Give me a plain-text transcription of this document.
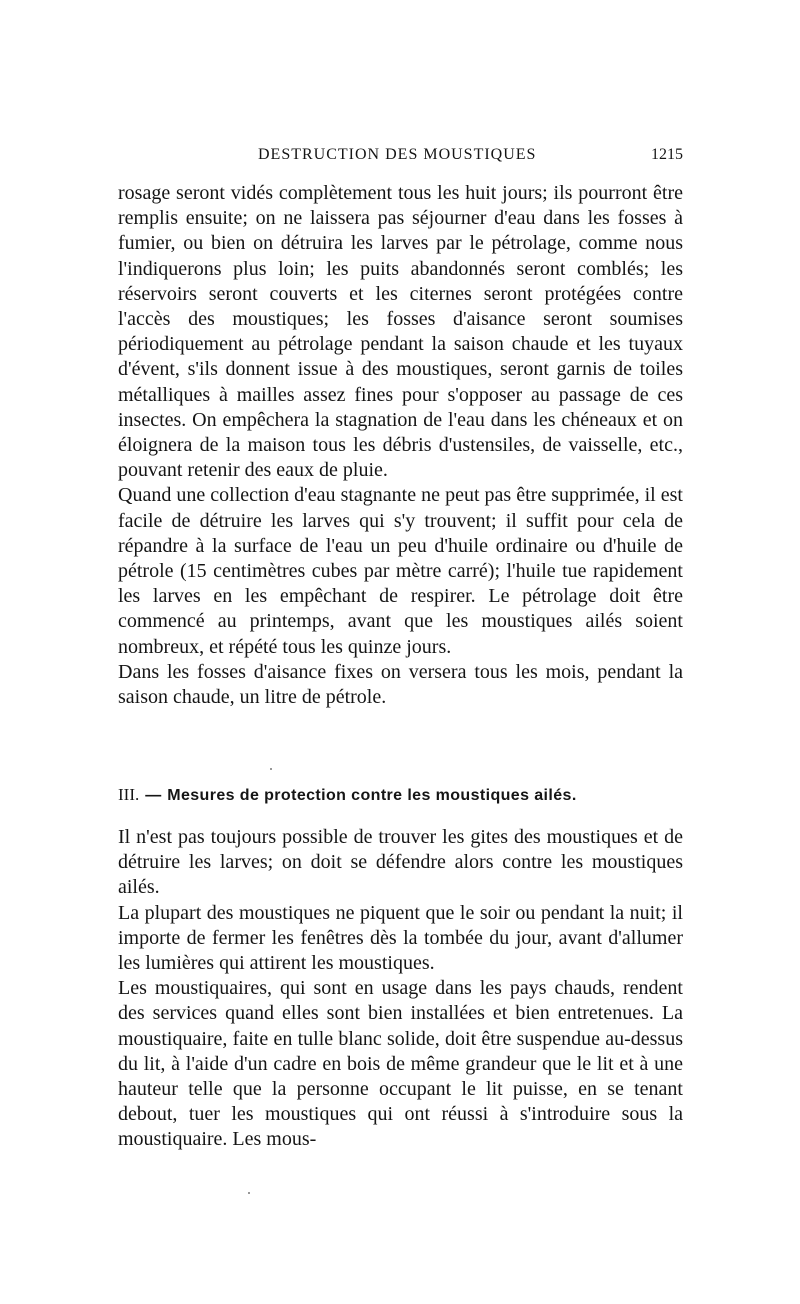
DESTRUCTION DES MOUSTIQUES	1215

rosage seront vidés complètement tous les huit jours; ils pourront être remplis ensuite; on ne laissera pas séjourner d'eau dans les fosses à fumier, ou bien on détruira les larves par le pétrolage, comme nous l'indiquerons plus loin; les puits abandonnés seront comblés; les réservoirs seront couverts et les citernes seront protégées contre l'accès des moustiques; les fosses d'aisance seront soumises périodiquement au pétrolage pendant la saison chaude et les tuyaux d'évent, s'ils donnent issue à des moustiques, seront garnis de toiles métalliques à mailles assez fines pour s'opposer au passage de ces insectes. On empêchera la stagnation de l'eau dans les chéneaux et on éloignera de la maison tous les débris d'ustensiles, de vaisselle, etc., pouvant retenir des eaux de pluie.

Quand une collection d'eau stagnante ne peut pas être supprimée, il est facile de détruire les larves qui s'y trouvent; il suffit pour cela de répandre à la surface de l'eau un peu d'huile ordinaire ou d'huile de pétrole (15 centimètres cubes par mètre carré); l'huile tue rapidement les larves en les empêchant de respirer. Le pétrolage doit être commencé au printemps, avant que les moustiques ailés soient nombreux, et répété tous les quinze jours.

Dans les fosses d'aisance fixes on versera tous les mois, pendant la saison chaude, un litre de pétrole.

III. — Mesures de protection contre les moustiques ailés.

Il n'est pas toujours possible de trouver les gites des moustiques et de détruire les larves; on doit se défendre alors contre les moustiques ailés.

La plupart des moustiques ne piquent que le soir ou pendant la nuit; il importe de fermer les fenêtres dès la tombée du jour, avant d'allumer les lumières qui attirent les moustiques.

Les moustiquaires, qui sont en usage dans les pays chauds, rendent des services quand elles sont bien installées et bien entretenues. La moustiquaire, faite en tulle blanc solide, doit être suspendue au-dessus du lit, à l'aide d'un cadre en bois de même grandeur que le lit et à une hauteur telle que la personne occupant le lit puisse, en se tenant debout, tuer les moustiques qui ont réussi à s'introduire sous la moustiquaire. Les mous-
